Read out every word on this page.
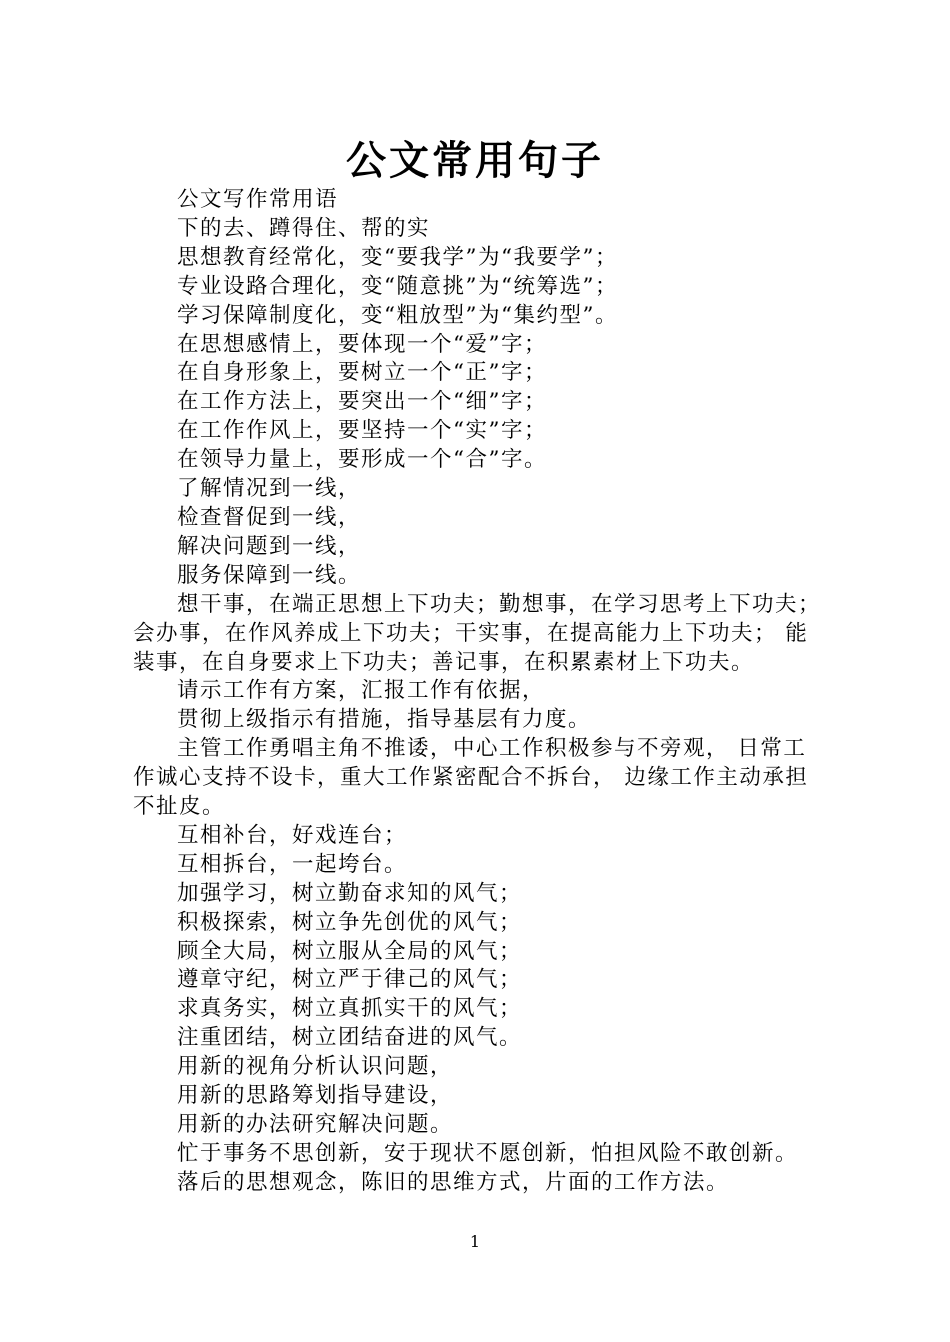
公文常用句子

公文写作常用语

下的去、蹲得住、帮的实

思想教育经常化，变“要我学”为“我要学”；

专业设路合理化，变“随意挑”为“统筹选”；

学习保障制度化，变“粗放型”为“集约型”。

在思想感情上，要体现一个“爱”字；

在自身形象上，要树立一个“正”字；

在工作方法上，要突出一个“细”字；

在工作作风上，要坚持一个“实”字；

在领导力量上，要形成一个“合”字。

了解情况到一线，

检查督促到一线，

解决问题到一线，

服务保障到一线。

想干事，在端正思想上下功夫；勤想事，在学习思考上下功夫； 会办事，在作风养成上下功夫；干实事，在提高能力上下功夫； 能装事，在自身要求上下功夫；善记事，在积累素材上下功夫。

请示工作有方案，汇报工作有依据，

贯彻上级指示有措施，指导基层有力度。

主管工作勇唱主角不推诿，中心工作积极参与不旁观， 日常工作诚心支持不设卡，重大工作紧密配合不拆台， 边缘工作主动承担不扯皮。

互相补台，好戏连台；

互相拆台，一起垮台。

加强学习，树立勤奋求知的风气；

积极探索，树立争先创优的风气；

顾全大局，树立服从全局的风气；

遵章守纪，树立严于律己的风气；

求真务实，树立真抓实干的风气；

注重团结，树立团结奋进的风气。

用新的视角分析认识问题，

用新的思路筹划指导建设，

用新的办法研究解决问题。

忙于事务不思创新，安于现状不愿创新，怕担风险不敢创新。

落后的思想观念，陈旧的思维方式，片面的工作方法。

1
